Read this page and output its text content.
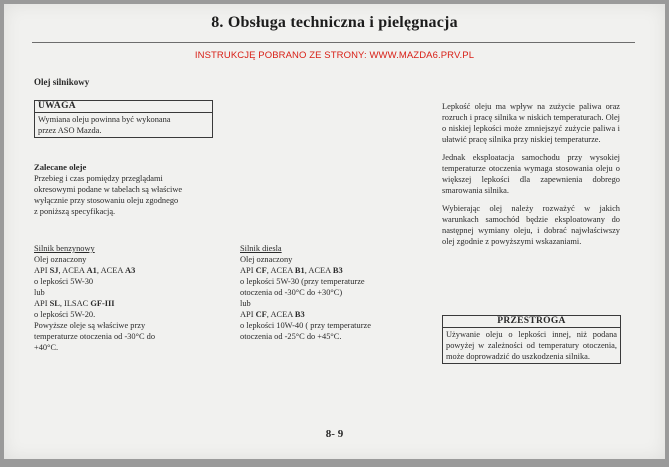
8. Obsługa techniczna i pielęgnacja
INSTRUKCJĘ POBRANO ZE STRONY: WWW.MAZDA6.PRV.PL
Olej silnikowy
UWAGA
Wymiana oleju powinna być wykonana
przez ASO Mazda.
Zalecane oleje
Przebieg i czas pomiędzy przeglądami
okresowymi podane w tabelach są właściwe
wyłącznie przy stosowaniu oleju zgodnego
z poniższą specyfikacją.
Silnik benzynowy
Olej oznaczony
API SJ, ACEA A1, ACEA A3
o lepkości 5W-30
lub
API SL, ILSAC GF-III
o lepkości 5W-20.
Powyższe oleje są właściwe przy
temperaturze otoczenia od -30°C do
+40°C.
Silnik diesla
Olej oznaczony
API CF, ACEA B1, ACEA B3
o lepkości 5W-30 (przy temperaturze
otoczenia od -30°C do +30°C)
lub
API CF, ACEA B3
o lepkości 10W-40 ( przy temperaturze
otoczenia od -25°C do +45°C.

Lepkość oleju ma wpływ na zużycie paliwa oraz rozruch i pracę silnika w niskich temperaturach. Olej o niskiej lepkości może zmniejszyć zużycie paliwa i ułatwić pracę silnika przy niskiej temperaturze.

Jednak eksploatacja samochodu przy wysokiej temperaturze otoczenia wymaga stosowania oleju o większej lepkości dla zapewnienia dobrego smarowania silnika.

Wybierając olej należy rozważyć w jakich warunkach samochód będzie eksploatowany do następnej wymiany oleju, i dobrać najwłaściwszy olej zgodnie z powyższymi wskazaniami.

PRZESTROGA
Używanie oleju o lepkości innej, niż podana powyżej w zależności od temperatury otoczenia, może doprowadzić do uszkodzenia silnika.
8- 9
